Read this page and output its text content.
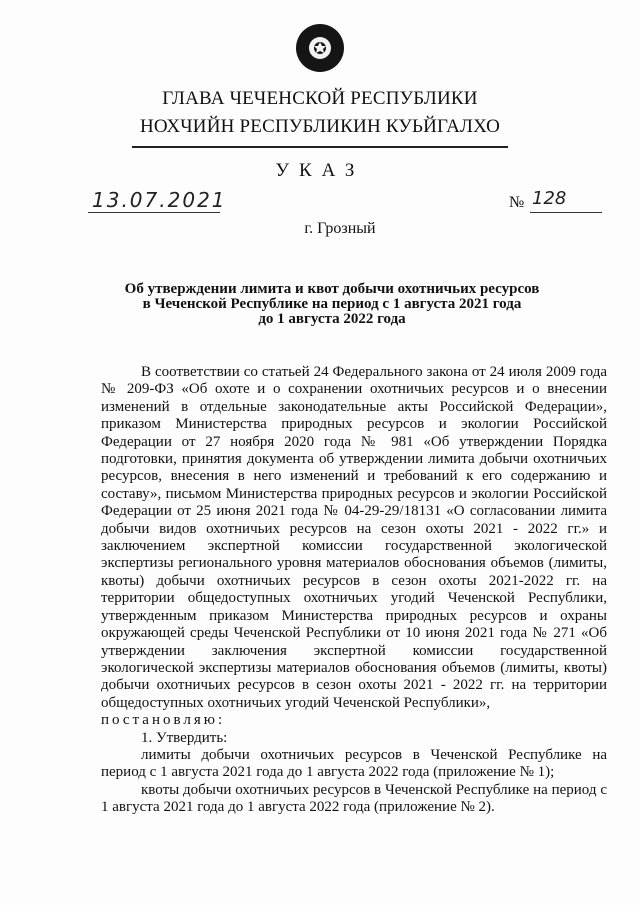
ГЛАВА ЧЕЧЕНСКОЙ РЕСПУБЛИКИ
НОХЧИЙН РЕСПУБЛИКИН КУЬЙГАЛХО
УКАЗ
13.07.2021	№ 128
г. Грозный
Об утверждении лимита и квот добычи охотничьих ресурсов
в Чеченской Республике на период с 1 августа 2021 года
до 1 августа 2022 года

В соответствии со статьей 24 Федерального закона от 24 июля 2009 года № 209-ФЗ «Об охоте и о сохранении охотничьих ресурсов и о внесении изменений в отдельные законодательные акты Российской Федерации», приказом Министерства природных ресурсов и экологии Российской Федерации от 27 ноября 2020 года № 981 «Об утверждении Порядка подготовки, принятия документа об утверждении лимита добычи охотничьих ресурсов, внесения в него изменений и требований к его содержанию и составу», письмом Министерства природных ресурсов и экологии Российской Федерации от 25 июня 2021 года № 04-29-29/18131 «О согласовании лимита добычи видов охотничьих ресурсов на сезон охоты 2021 - 2022 гг.» и заключением экспертной комиссии государственной экологической экспертизы регионального уровня материалов обоснования объемов (лимиты, квоты) добычи охотничьих ресурсов в сезон охоты 2021-2022 гг. на территории общедоступных охотничьих угодий Чеченской Республики, утвержденным приказом Министерства природных ресурсов и охраны окружающей среды Чеченской Республики от 10 июня 2021 года № 271 «Об утверждении заключения экспертной комиссии государственной экологической экспертизы материалов обоснования объемов (лимиты, квоты) добычи охотничьих ресурсов в сезон охоты 2021 - 2022 гг. на территории общедоступных охотничьих угодий Чеченской Республики»,

постановляю:

1. Утвердить:

лимиты добычи охотничьих ресурсов в Чеченской Республике на период с 1 августа 2021 года до 1 августа 2022 года (приложение № 1);

квоты добычи охотничьих ресурсов в Чеченской Республике на период с 1 августа 2021 года до 1 августа 2022 года (приложение № 2).
